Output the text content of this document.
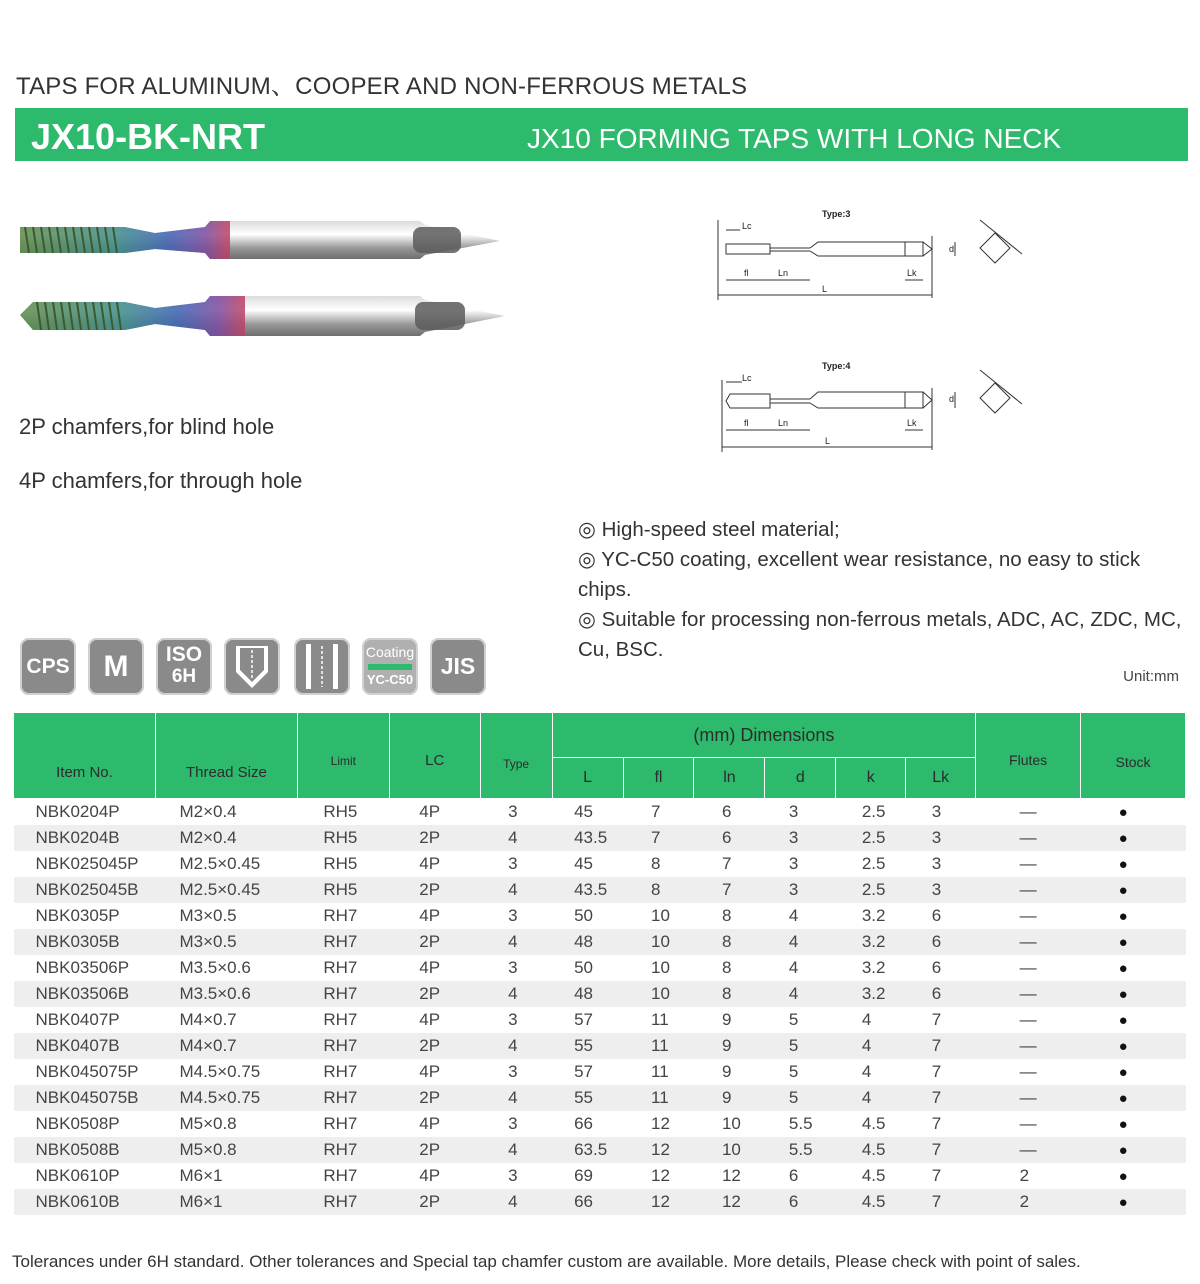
TAPS FOR ALUMINUM、COOPER AND NON-FERROUS METALS
JX10-BK-NRT	JX10 FORMING TAPS WITH LONG NECK
2P chamfers,for blind hole
4P chamfers,for through hole
Type:3
Lc
fl	Ln	Lk
L
d
Type:4
Lc
fl	Ln	Lk
L
d
◎ High-speed steel material;
◎ YC-C50 coating, excellent wear resistance, no easy to stick chips.
◎ Suitable for processing non-ferrous metals, ADC, AC, ZDC, MC, Cu, BSC.
CPS	M	ISO
6H
Coating
YC-C50
JIS	Unit:mm
Item No.	Thread Size	Limit	LC	Type	(mm) Dimensions						Flutes	Stock
					L	fl	ln	d	k	Lk		
NBK0204P	M2×0.4	RH5	4P	3	45	7	6	3	2.5	3	—	●
NBK0204B	M2×0.4	RH5	2P	4	43.5	7	6	3	2.5	3	—	●
NBK025045P	M2.5×0.45	RH5	4P	3	45	8	7	3	2.5	3	—	●
NBK025045B	M2.5×0.45	RH5	2P	4	43.5	8	7	3	2.5	3	—	●
NBK0305P	M3×0.5	RH7	4P	3	50	10	8	4	3.2	6	—	●
NBK0305B	M3×0.5	RH7	2P	4	48	10	8	4	3.2	6	—	●
NBK03506P	M3.5×0.6	RH7	4P	3	50	10	8	4	3.2	6	—	●
NBK03506B	M3.5×0.6	RH7	2P	4	48	10	8	4	3.2	6	—	●
NBK0407P	M4×0.7	RH7	4P	3	57	11	9	5	4	7	—	●
NBK0407B	M4×0.7	RH7	2P	4	55	11	9	5	4	7	—	●
NBK045075P	M4.5×0.75	RH7	4P	3	57	11	9	5	4	7	—	●
NBK045075B	M4.5×0.75	RH7	2P	4	55	11	9	5	4	7	—	●
NBK0508P	M5×0.8	RH7	4P	3	66	12	10	5.5	4.5	7	—	●
NBK0508B	M5×0.8	RH7	2P	4	63.5	12	10	5.5	4.5	7	—	●
NBK0610P	M6×1	RH7	4P	3	69	12	12	6	4.5	7	2	●
NBK0610B	M6×1	RH7	2P	4	66	12	12	6	4.5	7	2	●
Tolerances under 6H standard. Other tolerances and Special tap chamfer custom are available. More details, Please check with point of sales.
